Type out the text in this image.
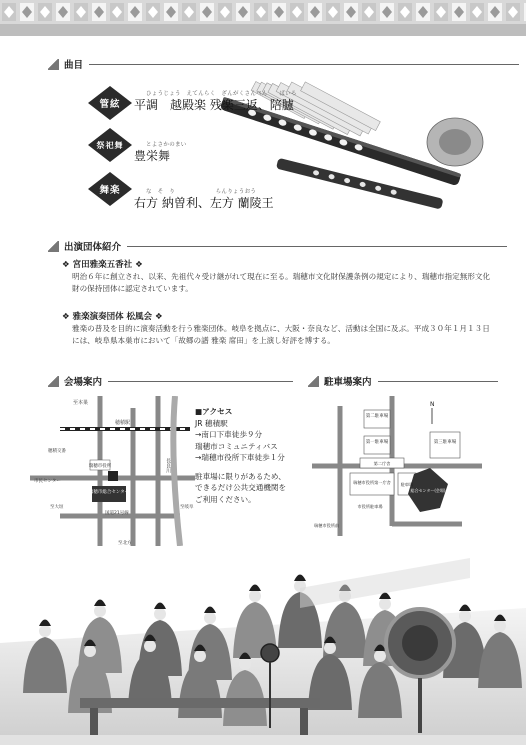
曲目
管絃
ひょうじょう　えてんらく　ざんがくさんぺん　　ばいろ
平調　越殿楽 残楽三返、陪臚
祭祀舞	とよさかのまい
豊栄舞
舞楽	な　そ　り　　　　　　　らんりょうおう
右方 納曽利、左方 蘭陵王
出演団体紹介
❖ 宮田雅楽五香社 ❖
明治６年に創立され、以来、先祖代々受け継がれて現在に至る。瑞穂市文化財保護条例の規定により、瑞穂市指定無形文化財の保持団体に認定されています。
❖ 雅楽演奏団体 松風会 ❖
雅楽の普及を目的に演奏活動を行う雅楽団体。岐阜を拠点に、大阪・奈良など、活動は全国に及ぶ。平成３０年１月１３日には、岐阜県本巣市において「故郷の譜 雅楽 席田」を上演し好評を博する。
会場案内
瑞穂市総合センター
瑞穂市役所
至本巣
穂積駅
穂積交番
市民センター
至大垣
国道21号線
至岐阜
長良川
至北方

■アクセス

JR 穂積駅

→南口下車徒歩９分

瑞穂市コミュニティバス

→瑞穂市役所下車徒歩１分

駐車場に限りがあるため、

できるだけ公共交通機関を

ご利用ください。

駐車場案内
第二駐車場
第一駐車場	第三駐車場
第二庁舎
瑞穂市役所第一庁舎 駐車場
市役所駐車場
総合センター(会場)
瑞穂市役所前
N
